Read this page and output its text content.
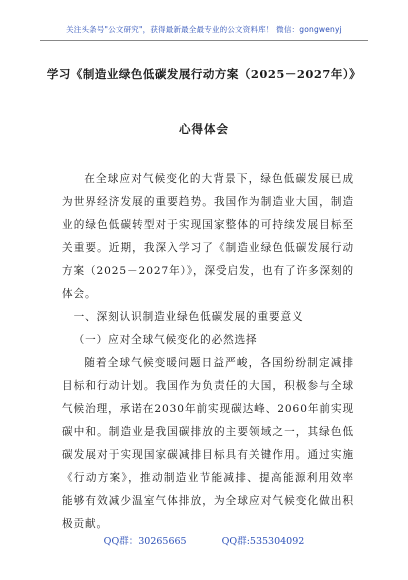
关注头条号"公文研究"，获得最新最全最专业的公文资料库！ 微信：gongwenyj
学习《制造业绿色低碳发展行动方案（2025－2027年）》
心得体会

在全球应对气候变化的大背景下，绿色低碳发展已成为世界经济发展的重要趋势。我国作为制造业大国，制造业的绿色低碳转型对于实现国家整体的可持续发展目标至关重要。近期，我深入学习了《制造业绿色低碳发展行动方案（2025－2027年）》，深受启发，也有了许多深刻的体会。

一、深刻认识制造业绿色低碳发展的重要意义

（一）应对全球气候变化的必然选择

随着全球气候变暖问题日益严峻，各国纷纷制定减排目标和行动计划。我国作为负责任的大国，积极参与全球气候治理，承诺在2030年前实现碳达峰、2060年前实现碳中和。制造业是我国碳排放的主要领域之一，其绿色低碳发展对于实现国家碳减排目标具有关键作用。通过实施《行动方案》，推动制造业节能减排、提高能源利用效率能够有效减少温室气体排放，为全球应对气候变化做出积极贡献。

QQ群：30265665	QQ群:535304092
